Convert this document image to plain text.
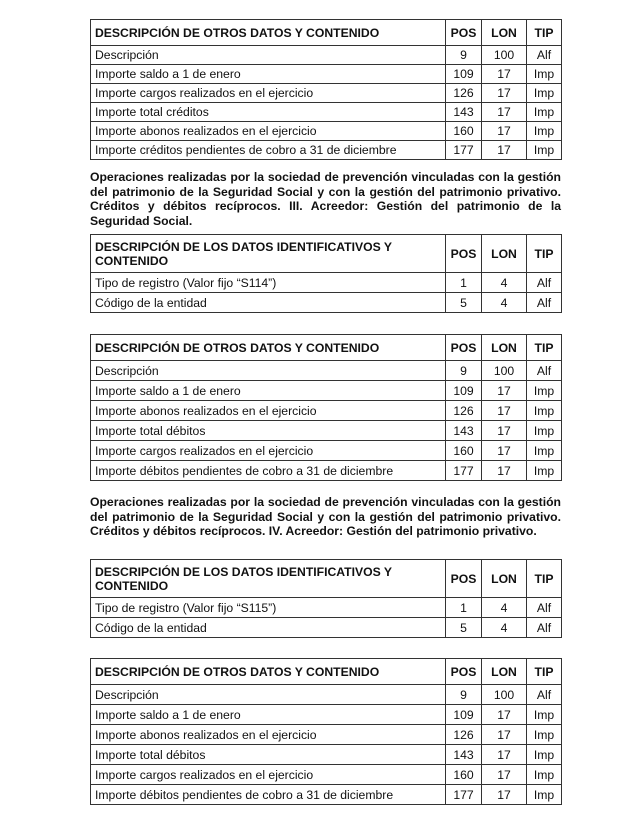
DESCRIPCIÓN DE OTROS DATOS Y CONTENIDO	POS	LON	TIP
Descripción	9	100	Alf
Importe saldo a 1 de enero	109	17	Imp
Importe cargos realizados en el ejercicio	126	17	Imp
Importe total créditos	143	17	Imp
Importe abonos realizados en el ejercicio	160	17	Imp
Importe créditos pendientes de cobro a 31 de diciembre	177	17	Imp

Operaciones realizadas por la sociedad de prevención vinculadas con la gestión del patrimonio de la Seguridad Social y con la gestión del patrimonio privativo. Créditos y débitos recíprocos. III. Acreedor: Gestión del patrimonio de la Seguridad Social.

DESCRIPCIÓN DE LOS DATOS IDENTIFICATIVOS Y CONTENIDO	POS	LON	TIP
Tipo de registro (Valor fijo “S114”)	1	4	Alf
Código de la entidad	5	4	Alf
DESCRIPCIÓN DE OTROS DATOS Y CONTENIDO	POS	LON	TIP
Descripción	9	100	Alf
Importe saldo a 1 de enero	109	17	Imp
Importe abonos realizados en el ejercicio	126	17	Imp
Importe total débitos	143	17	Imp
Importe cargos realizados en el ejercicio	160	17	Imp
Importe débitos pendientes de cobro a 31 de diciembre	177	17	Imp

Operaciones realizadas por la sociedad de prevención vinculadas con la gestión del patrimonio de la Seguridad Social y con la gestión del patrimonio privativo. Créditos y débitos recíprocos. IV. Acreedor: Gestión del patrimonio privativo.

DESCRIPCIÓN DE LOS DATOS IDENTIFICATIVOS Y CONTENIDO	POS	LON	TIP
Tipo de registro (Valor fijo “S115”)	1	4	Alf
Código de la entidad	5	4	Alf
DESCRIPCIÓN DE OTROS DATOS Y CONTENIDO	POS	LON	TIP
Descripción	9	100	Alf
Importe saldo a 1 de enero	109	17	Imp
Importe abonos realizados en el ejercicio	126	17	Imp
Importe total débitos	143	17	Imp
Importe cargos realizados en el ejercicio	160	17	Imp
Importe débitos pendientes de cobro a 31 de diciembre	177	17	Imp
